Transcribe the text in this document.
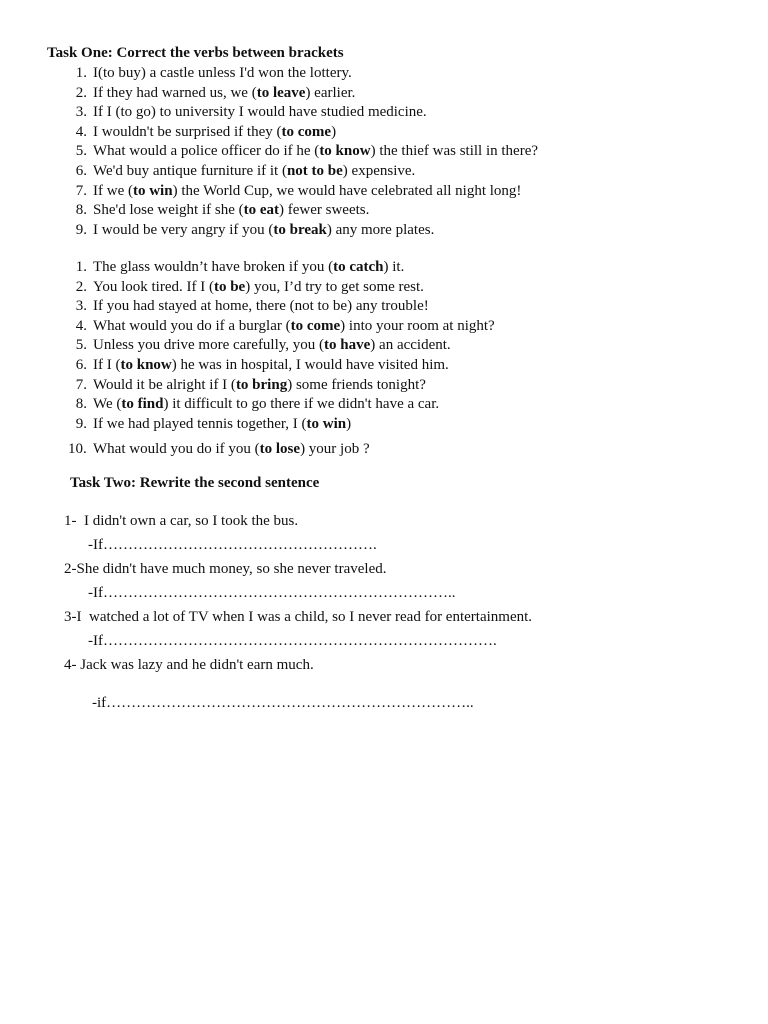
Task One: Correct the verbs between brackets
1. I(to buy) a castle unless I'd won the lottery.
2. If they had warned us, we (to leave) earlier.
3. If I (to go) to university I would have studied medicine.
4. I wouldn't be surprised if they (to come)
5. What would a police officer do if he (to know) the thief was still in there?
6. We'd buy antique furniture if it (not to be) expensive.
7. If we (to win) the World Cup, we would have celebrated all night long!
8. She'd lose weight if she (to eat) fewer sweets.
9. I would be very angry if you (to break) any more plates.
1. The glass wouldn’t have broken if you (to catch) it.
2. You look tired. If I (to be) you, I’d try to get some rest.
3. If you had stayed at home, there (not to be) any trouble!
4. What would you do if a burglar (to come) into your room at night?
5. Unless you drive more carefully, you (to have) an accident.
6. If I (to know) he was in hospital, I would have visited him.
7. Would it be alright if I (to bring) some friends tonight?
8. We (to find) it difficult to go there if we didn't have a car.
9. If we had played tennis together, I (to win)
10. What would you do if you (to lose) your job ?
Task Two: Rewrite the second sentence
1-  I didn't own a car, so I took the bus.
-If……………………………………………….
2-She didn't have much money, so she never traveled.
-If……………………………………………………………..
3-I  watched a lot of TV when I was a child, so I never read for entertainment.
-If…………………………………………………………………….
4- Jack was lazy and he didn't earn much.
-if………………………………………………………………..
